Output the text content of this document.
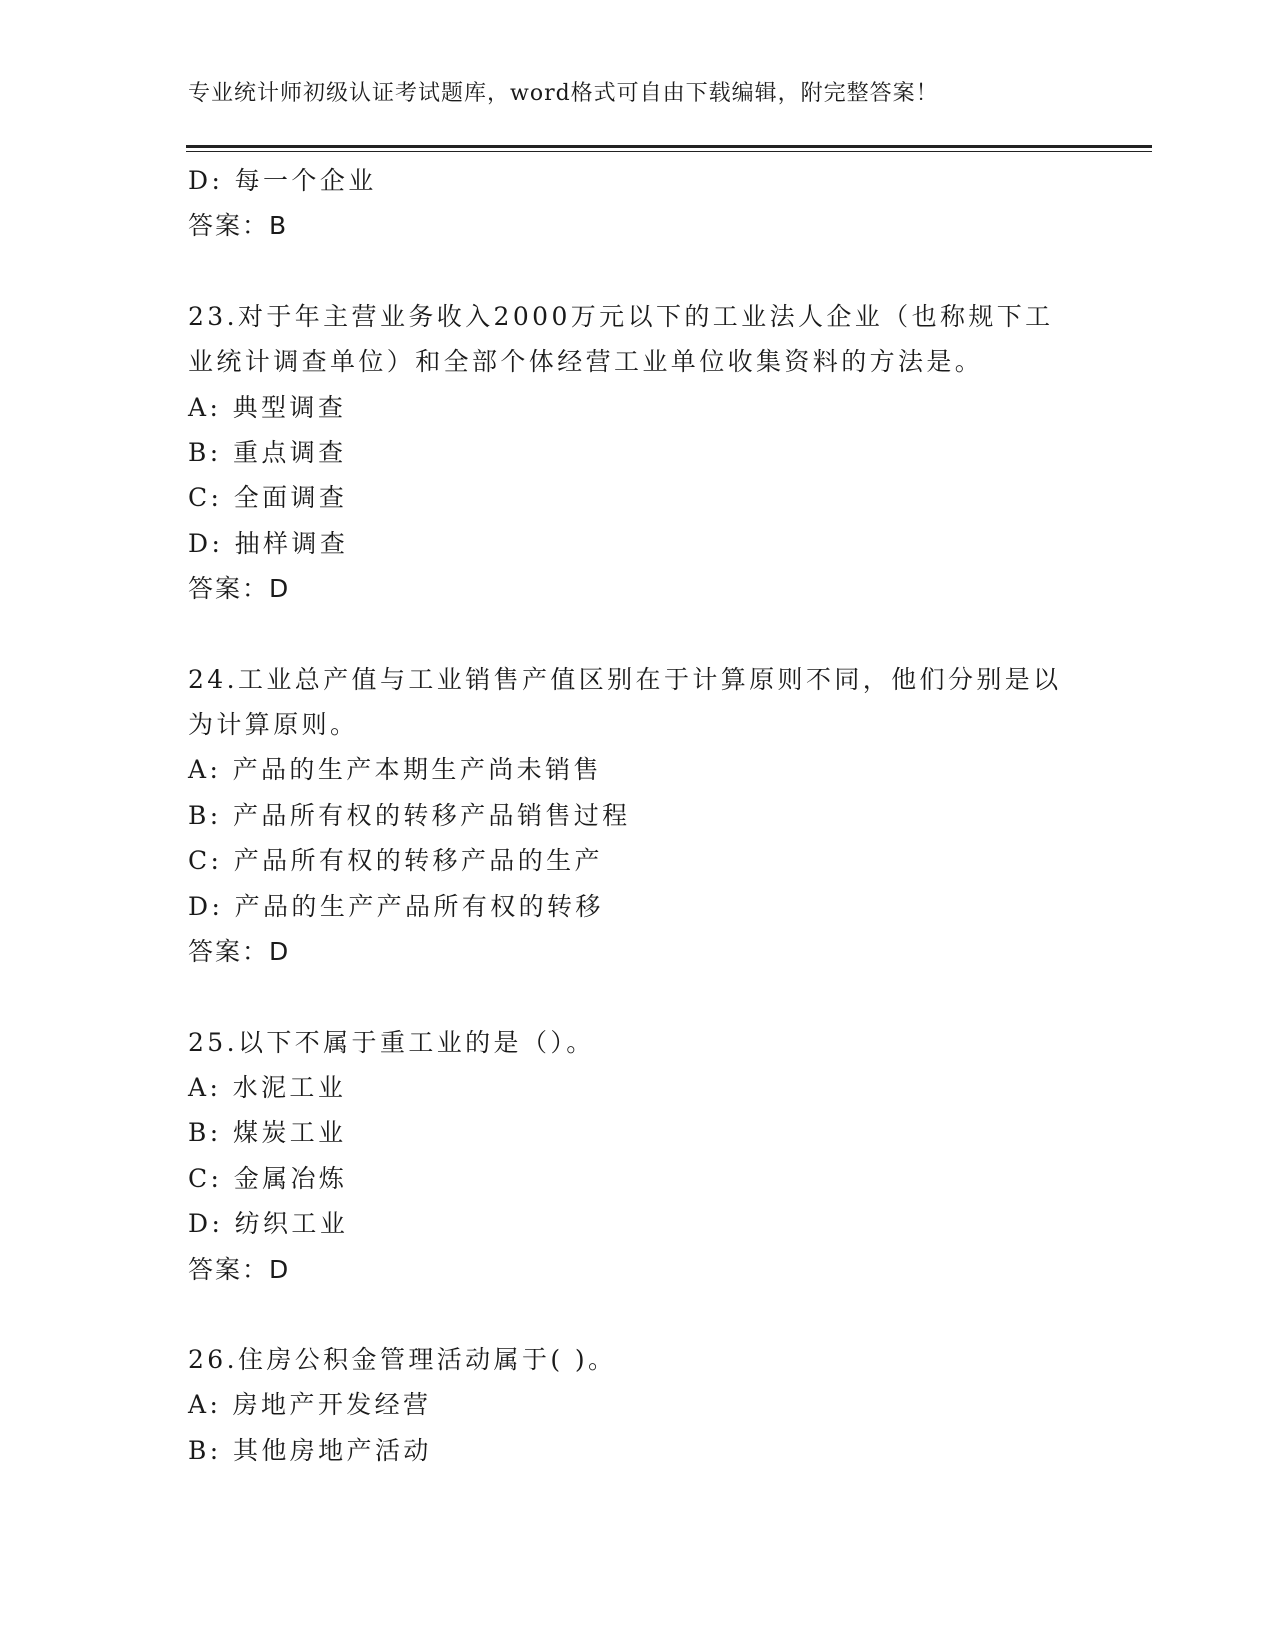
专业统计师初级认证考试题库，word格式可自由下载编辑，附完整答案！
D: 每一个企业
答案：B
23.对于年主营业务收入2000万元以下的工业法人企业（也称规下工
业统计调查单位）和全部个体经营工业单位收集资料的方法是。
A: 典型调查
B: 重点调查
C: 全面调查
D: 抽样调查
答案：D
24.工业总产值与工业销售产值区别在于计算原则不同，他们分别是以
为计算原则。
A: 产品的生产本期生产尚未销售
B: 产品所有权的转移产品销售过程
C: 产品所有权的转移产品的生产
D: 产品的生产产品所有权的转移
答案：D
25.以下不属于重工业的是（）。
A: 水泥工业
B: 煤炭工业
C: 金属冶炼
D: 纺织工业
答案：D
26.住房公积金管理活动属于( )。
A: 房地产开发经营
B: 其他房地产活动
